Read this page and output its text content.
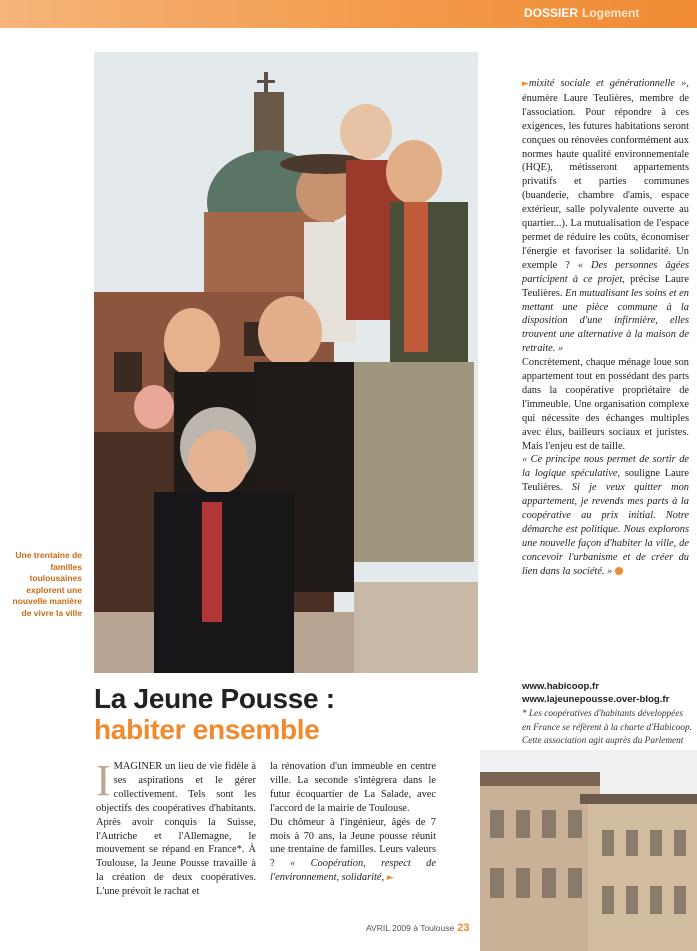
DOSSIER Logement
Une trentaine de familles toulousaines explorent une nouvelle manière de vivre la ville
La Jeune Pousse :
habiter ensemble
IMAGINER un lieu de vie fidèle à ses aspirations et le gérer collectivement. Tels sont les objectifs des coopératives d'habitants. Après avoir conquis la Suisse, l'Autriche et l'Allemagne, le mouvement se répand en France*. À Toulouse, la Jeune Pousse travaille à la création de deux coopératives. L'une prévoit le rachat et

la rénovation d'un immeuble en centre ville. La seconde s'intègrera dans le futur écoquartier de La Salade, avec l'accord de la mairie de Toulouse.

Du chômeur à l'ingénieur, âgés de 7 mois à 70 ans, la Jeune pousse réunit une trentaine de familles. Leurs valeurs ? « Coopération, respect de l'environnement, solidarité, ►

►mixité sociale et générationnelle », énumère Laure Teulières, membre de l'association. Pour répondre à ces exigences, les futures habitations seront conçues ou rénovées conformément aux normes haute qualité environnementale (HQE), métisseront appartements privatifs et parties communes (buanderie, chambre d'amis, espace extérieur, salle polyvalente ouverte au quartier...). La mutualisation de l'espace permet de réduire les coûts, économiser l'énergie et favoriser la solidarité. Un exemple ? « Des personnes âgées participent à ce projet, précise Laure Teulières. En mutualisant les soins et en mettant une pièce commune à la disposition d'une infirmière, elles trouvent une alternative à la maison de retraite. »

Concrètement, chaque ménage loue son appartement tout en possédant des parts dans la coopérative propriétaire de l'immeuble. Une organisation complexe qui nécessite des échanges multiples avec élus, bailleurs sociaux et juristes. Mais l'enjeu est de taille.

« Ce principe nous permet de sortir de la logique spéculative, souligne Laure Teulières. Si je veux quitter mon appartement, je revends mes parts à la coopérative au prix initial. Notre démarche est politique. Nous explorons une nouvelle façon d'habiter la ville, de concevoir l'urbanisme et de créer du lien dans la société. »

www.habicoop.fr
www.lajeunepousse.over-blog.fr
* Les coopératives d'habitants développées en France se réfèrent à la charte d'Habicoop. Cette association agit auprès du Parlement
AVRIL 2009 à Toulouse 23
